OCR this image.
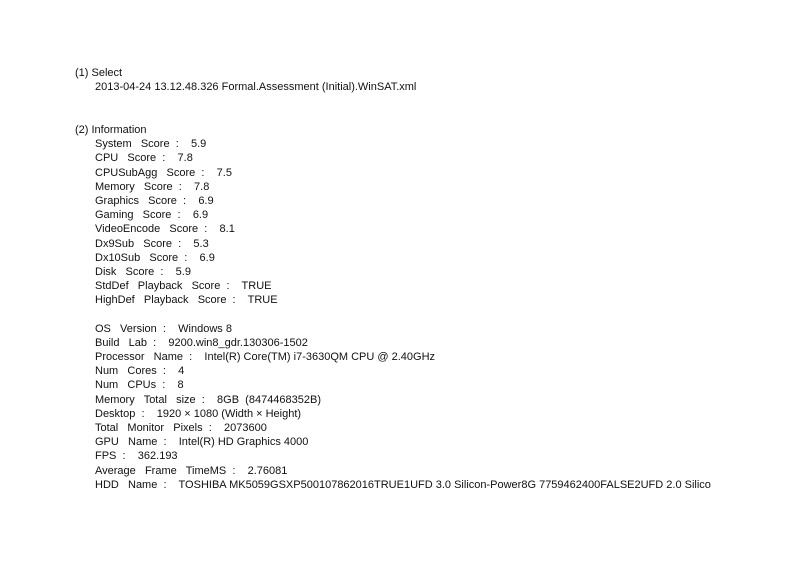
(1) Select
2013-04-24 13.12.48.326 Formal.Assessment (Initial).WinSAT.xml
(2) Information
System   Score  :    5.9
CPU   Score  :    7.8
CPUSubAgg   Score  :    7.5
Memory   Score  :    7.8
Graphics   Score  :    6.9
Gaming   Score  :    6.9
VideoEncode   Score  :    8.1
Dx9Sub   Score  :    5.3
Dx10Sub   Score  :    6.9
Disk   Score  :    5.9
StdDef   Playback   Score  :    TRUE
HighDef   Playback   Score  :    TRUE
OS   Version  :    Windows 8
Build   Lab  :    9200.win8_gdr.130306-1502
Processor   Name  :    Intel(R) Core(TM) i7-3630QM CPU @ 2.40GHz
Num   Cores  :    4
Num   CPUs  :    8
Memory   Total   size  :    8GB  (8474468352B)
Desktop  :    1920 × 1080 (Width × Height)
Total   Monitor   Pixels  :    2073600
GPU   Name  :    Intel(R) HD Graphics 4000
FPS  :    362.193
Average   Frame   TimeMS  :    2.76081
HDD   Name  :    TOSHIBA MK5059GSXP500107862016TRUE1UFD 3.0 Silicon-Power8G 7759462400FALSE2UFD 2.0 Silico
